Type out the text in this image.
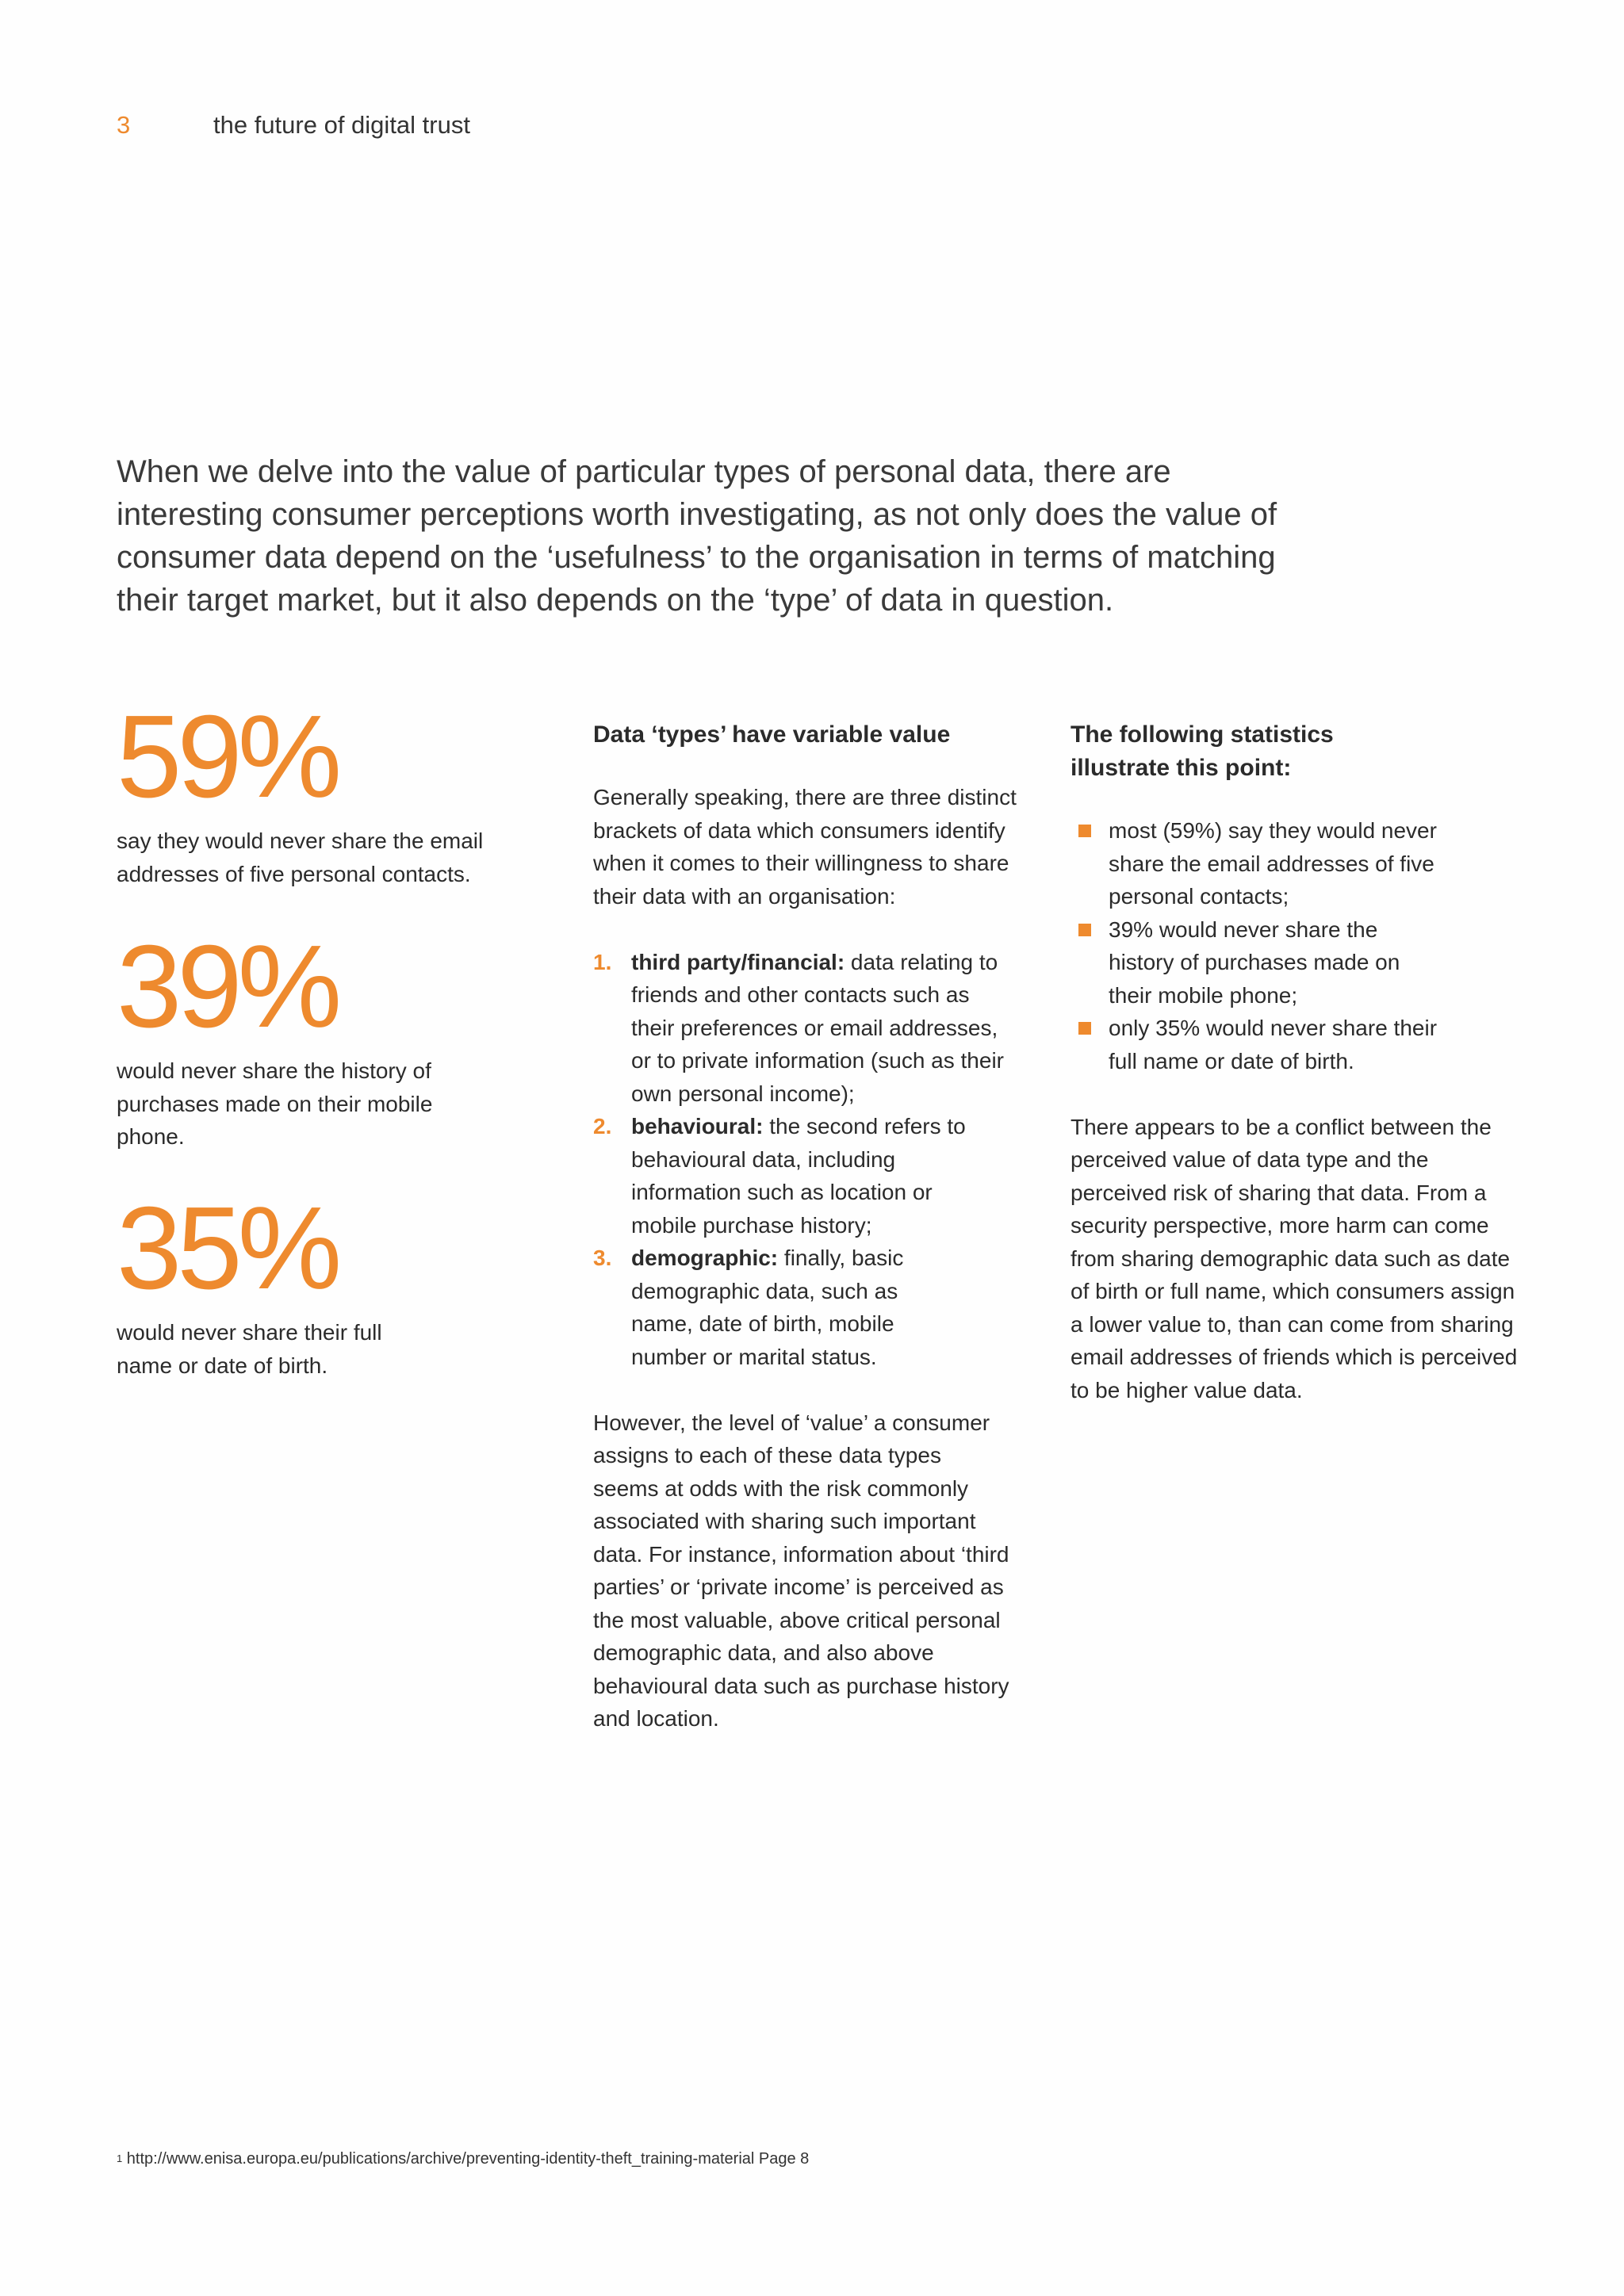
3	the future of digital trust

When we delve into the value of particular types of personal data, there are interesting consumer perceptions worth investigating, as not only does the value of consumer data depend on the ‘usefulness’ to the organisation in terms of matching their target market, but it also depends on the ‘type’ of data in question.

59%

say they would never share the email addresses of five personal contacts.

39%

would never share the history of purchases made on their mobile phone.

35%

would never share their full name or date of birth.

Data ‘types’ have variable value

Generally speaking, there are three distinct brackets of data which consumers identify when it comes to their willingness to share their data with an organisation:

1. third party/financial: data relating to friends and other contacts such as their preferences or email addresses, or to private information (such as their own personal income);
2. behavioural: the second refers to behavioural data, including information such as location or mobile purchase history;
3. demographic: finally, basic demographic data, such as name, date of birth, mobile number or marital status.

However, the level of ‘value’ a consumer assigns to each of these data types seems at odds with the risk commonly associated with sharing such important data. For instance, information about ‘third parties’ or ‘private income’ is perceived as the most valuable, above critical personal demographic data, and also above behavioural data such as purchase history and location.

The following statistics illustrate this point:
most (59%) say they would never share the email addresses of five personal contacts;
39% would never share the history of purchases made on their mobile phone;
only 35% would never share their full name or date of birth.

There appears to be a conflict between the perceived value of data type and the perceived risk of sharing that data. From a security perspective, more harm can come from sharing demographic data such as date of birth or full name, which consumers assign a lower value to, than can come from sharing email addresses of friends which is perceived to be higher value data.

$^1$ http://www.enisa.europa.eu/publications/archive/preventing-identity-theft_training-material Page 8
